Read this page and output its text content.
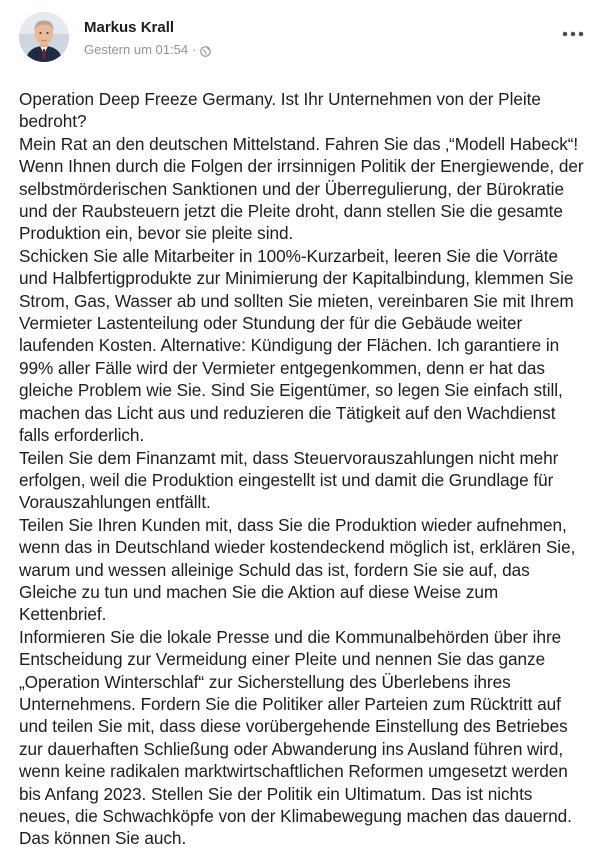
Markus Krall
Gestern um 01:54 ·

Operation Deep Freeze Germany. Ist Ihr Unternehmen von der Pleite bedroht?

Mein Rat an den deutschen Mittelstand. Fahren Sie das ‚“Modell Habeck“!

Wenn Ihnen durch die Folgen der irrsinnigen Politik der Energiewende, der selbstmörderischen Sanktionen und der Überregulierung, der Bürokratie und der Raubsteuern jetzt die Pleite droht, dann stellen Sie die gesamte Produktion ein, bevor sie pleite sind.

Schicken Sie alle Mitarbeiter in 100%-Kurzarbeit, leeren Sie die Vorräte und Halbfertigprodukte zur Minimierung der Kapitalbindung, klemmen Sie Strom, Gas, Wasser ab und sollten Sie mieten, vereinbaren Sie mit Ihrem Vermieter Lastenteilung oder Stundung der für die Gebäude weiter laufenden Kosten. Alternative: Kündigung der Flächen. Ich garantiere in 99% aller Fälle wird der Vermieter entgegenkommen, denn er hat das gleiche Problem wie Sie. Sind Sie Eigentümer, so legen Sie einfach still, machen das Licht aus und reduzieren die Tätigkeit auf den Wachdienst falls erforderlich.

Teilen Sie dem Finanzamt mit, dass Steuervorauszahlungen nicht mehr erfolgen, weil die Produktion eingestellt ist und damit die Grundlage für Vorauszahlungen entfällt.

Teilen Sie Ihren Kunden mit, dass Sie die Produktion wieder aufnehmen, wenn das in Deutschland wieder kostendeckend möglich ist, erklären Sie, warum und wessen alleinige Schuld das ist, fordern Sie sie auf, das Gleiche zu tun und machen Sie die Aktion auf diese Weise zum Kettenbrief.

Informieren Sie die lokale Presse und die Kommunalbehörden über ihre Entscheidung zur Vermeidung einer Pleite und nennen Sie das ganze „Operation Winterschlaf“ zur Sicherstellung des Überlebens ihres Unternehmens. Fordern Sie die Politiker aller Parteien zum Rücktritt auf und teilen Sie mit, dass diese vorübergehende Einstellung des Betriebes zur dauerhaften Schließung oder Abwanderung ins Ausland führen wird, wenn keine radikalen marktwirtschaftlichen Reformen umgesetzt werden bis Anfang 2023. Stellen Sie der Politik ein Ultimatum. Das ist nichts neues, die Schwachköpfe von der Klimabewegung machen das dauernd. Das können Sie auch.
